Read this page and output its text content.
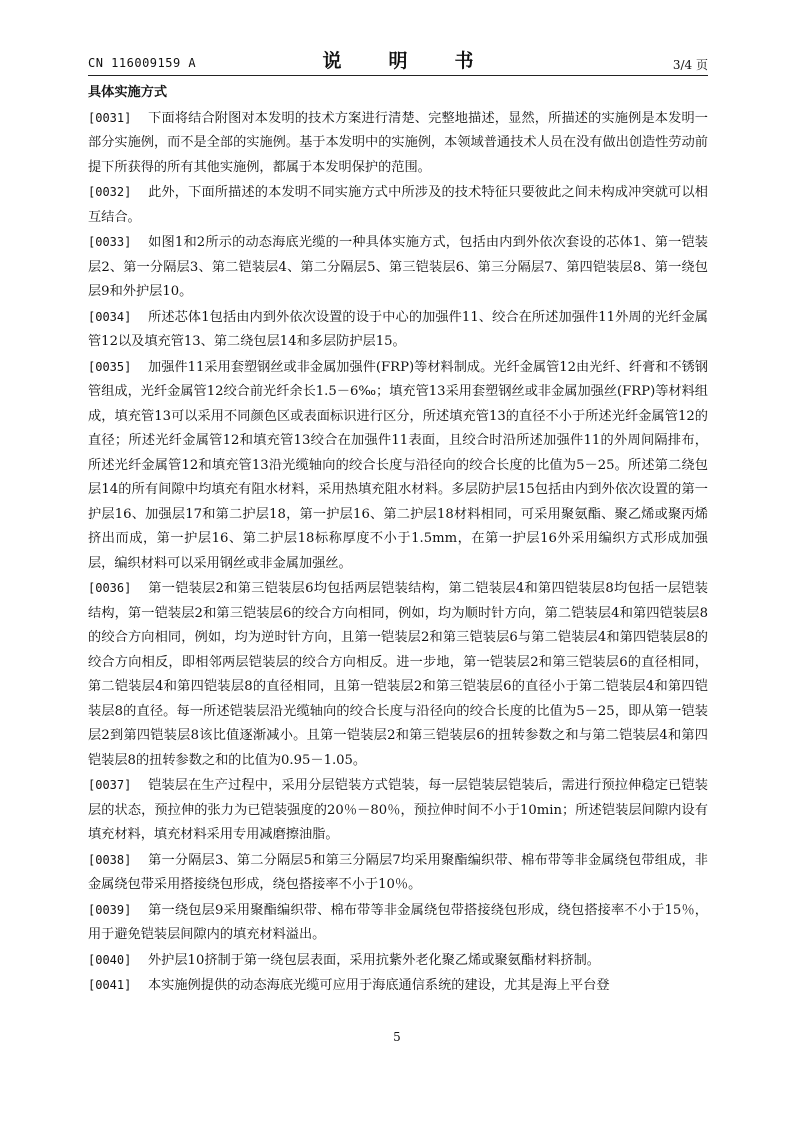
CN 116009159 A	说　明　书	3/4 页
具体实施方式

[0031] 下面将结合附图对本发明的技术方案进行清楚、完整地描述，显然，所描述的实施例是本发明一部分实施例，而不是全部的实施例。基于本发明中的实施例，本领域普通技术人员在没有做出创造性劳动前提下所获得的所有其他实施例，都属于本发明保护的范围。

[0032] 此外，下面所描述的本发明不同实施方式中所涉及的技术特征只要彼此之间未构成冲突就可以相互结合。

[0033] 如图1和2所示的动态海底光缆的一种具体实施方式，包括由内到外依次套设的芯体1、第一铠装层2、第一分隔层3、第二铠装层4、第二分隔层5、第三铠装层6、第三分隔层7、第四铠装层8、第一绕包层9和外护层10。

[0034] 所述芯体1包括由内到外依次设置的设于中心的加强件11、绞合在所述加强件11外周的光纤金属管12以及填充管13、第二绕包层14和多层防护层15。

[0035] 加强件11采用套塑钢丝或非金属加强件(FRP)等材料制成。光纤金属管12由光纤、纤膏和不锈钢管组成，光纤金属管12绞合前光纤余长1.5－6‰；填充管13采用套塑钢丝或非金属加强丝(FRP)等材料组成，填充管13可以采用不同颜色区或表面标识进行区分，所述填充管13的直径不小于所述光纤金属管12的直径；所述光纤金属管12和填充管13绞合在加强件11表面，且绞合时沿所述加强件11的外周间隔排布，所述光纤金属管12和填充管13沿光缆轴向的绞合长度与沿径向的绞合长度的比值为5－25。所述第二绕包层14的所有间隙中均填充有阻水材料，采用热填充阻水材料。多层防护层15包括由内到外依次设置的第一护层16、加强层17和第二护层18，第一护层16、第二护层18材料相同，可采用聚氨酯、聚乙烯或聚丙烯挤出而成，第一护层16、第二护层18标称厚度不小于1.5mm，在第一护层16外采用编织方式形成加强层，编织材料可以采用钢丝或非金属加强丝。

[0036] 第一铠装层2和第三铠装层6均包括两层铠装结构，第二铠装层4和第四铠装层8均包括一层铠装结构，第一铠装层2和第三铠装层6的绞合方向相同，例如，均为顺时针方向，第二铠装层4和第四铠装层8的绞合方向相同，例如，均为逆时针方向，且第一铠装层2和第三铠装层6与第二铠装层4和第四铠装层8的绞合方向相反，即相邻两层铠装层的绞合方向相反。进一步地，第一铠装层2和第三铠装层6的直径相同，第二铠装层4和第四铠装层8的直径相同，且第一铠装层2和第三铠装层6的直径小于第二铠装层4和第四铠装层8的直径。每一所述铠装层沿光缆轴向的绞合长度与沿径向的绞合长度的比值为5－25，即从第一铠装层2到第四铠装层8该比值逐渐减小。且第一铠装层2和第三铠装层6的扭转参数之和与第二铠装层4和第四铠装层8的扭转参数之和的比值为0.95－1.05。

[0037] 铠装层在生产过程中，采用分层铠装方式铠装，每一层铠装层铠装后，需进行预拉伸稳定已铠装层的状态，预拉伸的张力为已铠装强度的20％－80％，预拉伸时间不小于10min；所述铠装层间隙内设有填充材料，填充材料采用专用减磨擦油脂。

[0038] 第一分隔层3、第二分隔层5和第三分隔层7均采用聚酯编织带、棉布带等非金属绕包带组成，非金属绕包带采用搭接绕包形成，绕包搭接率不小于10％。

[0039] 第一绕包层9采用聚酯编织带、棉布带等非金属绕包带搭接绕包形成，绕包搭接率不小于15％，用于避免铠装层间隙内的填充材料溢出。

[0040] 外护层10挤制于第一绕包层表面，采用抗紫外老化聚乙烯或聚氨酯材料挤制。

[0041] 本实施例提供的动态海底光缆可应用于海底通信系统的建设，尤其是海上平台登

5
